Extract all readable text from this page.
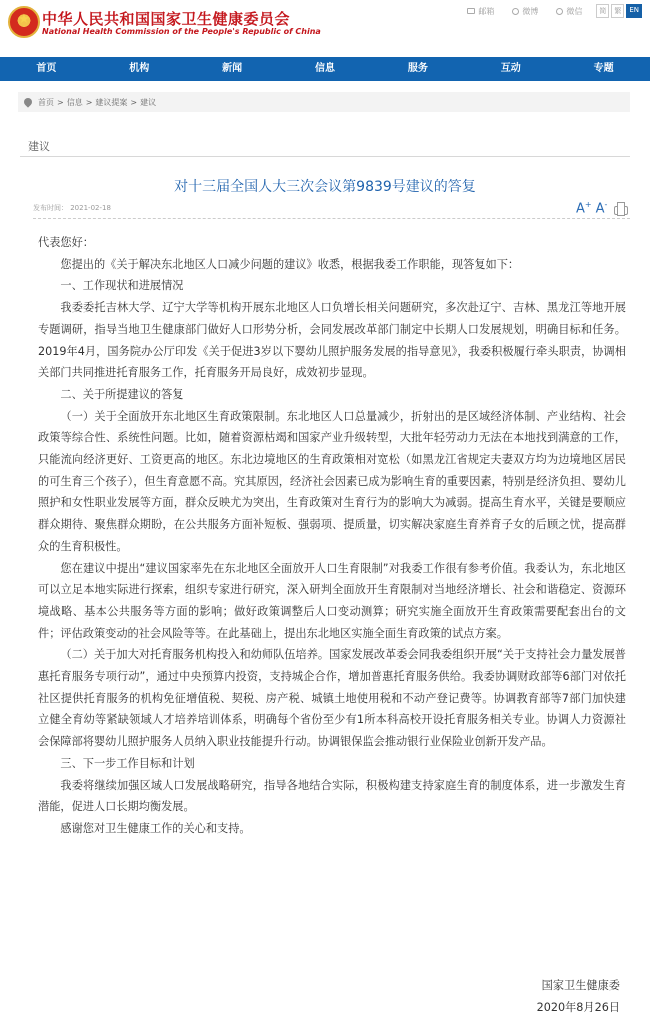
★ 中华人民共和国国家卫生健康委员会
National Health Commission of the People's Republic of China
邮箱	微博	微信	简	繁	EN
首页	机构	新闻	信息	服务	互动	专题
首页 > 信息 > 建议提案 > 建议
建议
对十三届全国人大三次会议第9839号建议的答复
发布时间： 2021-02-18	A+ A-

代表您好：

您提出的《关于解决东北地区人口减少问题的建议》收悉，根据我委工作职能，现答复如下：

一、工作现状和进展情况

我委委托吉林大学、辽宁大学等机构开展东北地区人口负增长相关问题研究，多次赴辽宁、吉林、黑龙江等地开展专题调研，指导当地卫生健康部门做好人口形势分析，会同发展改革部门制定中长期人口发展规划，明确目标和任务。2019年4月，国务院办公厅印发《关于促进3岁以下婴幼儿照护服务发展的指导意见》，我委积极履行牵头职责，协调相关部门共同推进托育服务工作，托育服务开局良好，成效初步显现。

二、关于所提建议的答复

（一）关于全面放开东北地区生育政策限制。东北地区人口总量减少，折射出的是区域经济体制、产业结构、社会政策等综合性、系统性问题。比如，随着资源枯竭和国家产业升级转型，大批年轻劳动力无法在本地找到满意的工作，只能流向经济更好、工资更高的地区。东北边境地区的生育政策相对宽松（如黑龙江省规定夫妻双方均为边境地区居民的可生育三个孩子），但生育意愿不高。究其原因，经济社会因素已成为影响生育的重要因素，特别是经济负担、婴幼儿照护和女性职业发展等方面，群众反映尤为突出，生育政策对生育行为的影响大为减弱。提高生育水平，关键是要顺应群众期待、聚焦群众期盼，在公共服务方面补短板、强弱项、提质量，切实解决家庭生育养育子女的后顾之忧，提高群众的生育积极性。

您在建议中提出“建议国家率先在东北地区全面放开人口生育限制”对我委工作很有参考价值。我委认为，东北地区可以立足本地实际进行探索，组织专家进行研究，深入研判全面放开生育限制对当地经济增长、社会和谐稳定、资源环境战略、基本公共服务等方面的影响；做好政策调整后人口变动测算；研究实施全面放开生育政策需要配套出台的文件；评估政策变动的社会风险等等。在此基础上，提出东北地区实施全面生育政策的试点方案。

（二）关于加大对托育服务机构投入和幼师队伍培养。国家发展改革委会同我委组织开展“关于支持社会力量发展普惠托育服务专项行动”，通过中央预算内投资，支持城企合作，增加普惠托育服务供给。我委协调财政部等6部门对依托社区提供托育服务的机构免征增值税、契税、房产税、城镇土地使用税和不动产登记费等。协调教育部等7部门加快建立健全育幼等紧缺领域人才培养培训体系，明确每个省份至少有1所本科高校开设托育服务相关专业。协调人力资源社会保障部将婴幼儿照护服务人员纳入职业技能提升行动。协调银保监会推动银行业保险业创新开发产品。

三、下一步工作目标和计划

我委将继续加强区域人口发展战略研究，指导各地结合实际，积极构建支持家庭生育的制度体系，进一步激发生育潜能，促进人口长期均衡发展。

感谢您对卫生健康工作的关心和支持。

国家卫生健康委
2020年8月26日
